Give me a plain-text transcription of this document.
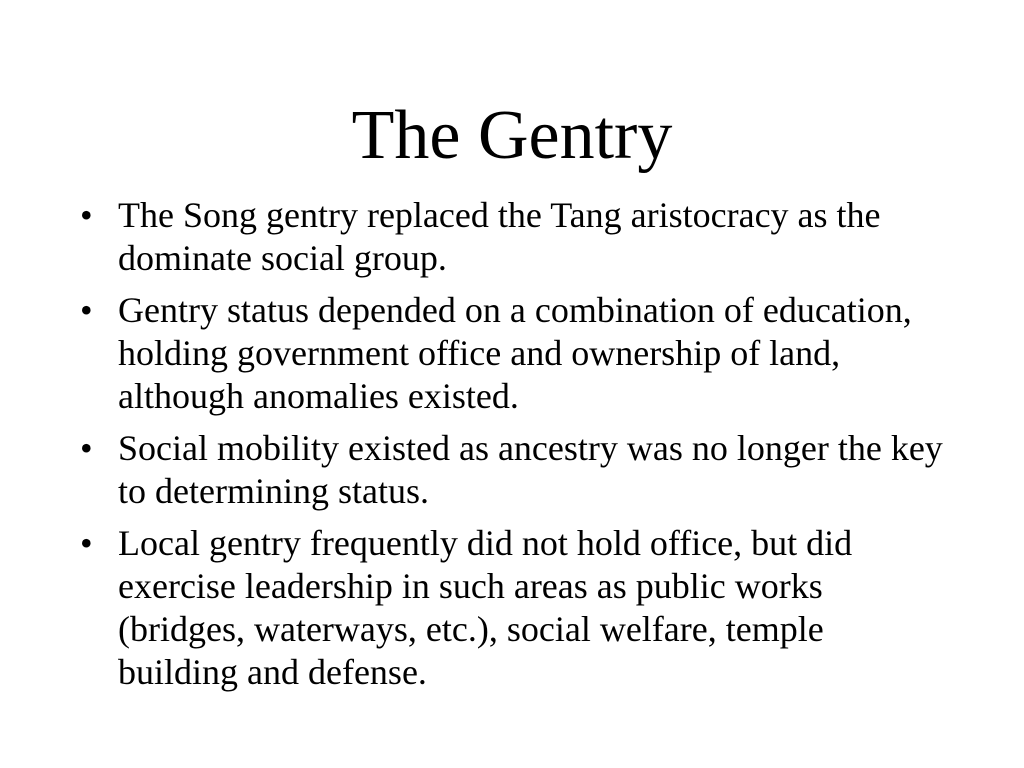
The Gentry
• The Song gentry replaced the Tang aristocracy as the dominate social group.
• Gentry status depended on a combination of education, holding government office and ownership of land, although anomalies existed.
• Social mobility existed as ancestry was no longer the key to determining status.
• Local gentry frequently did not hold office, but did exercise leadership in such areas as public works (bridges, waterways, etc.), social welfare, temple building and defense.
